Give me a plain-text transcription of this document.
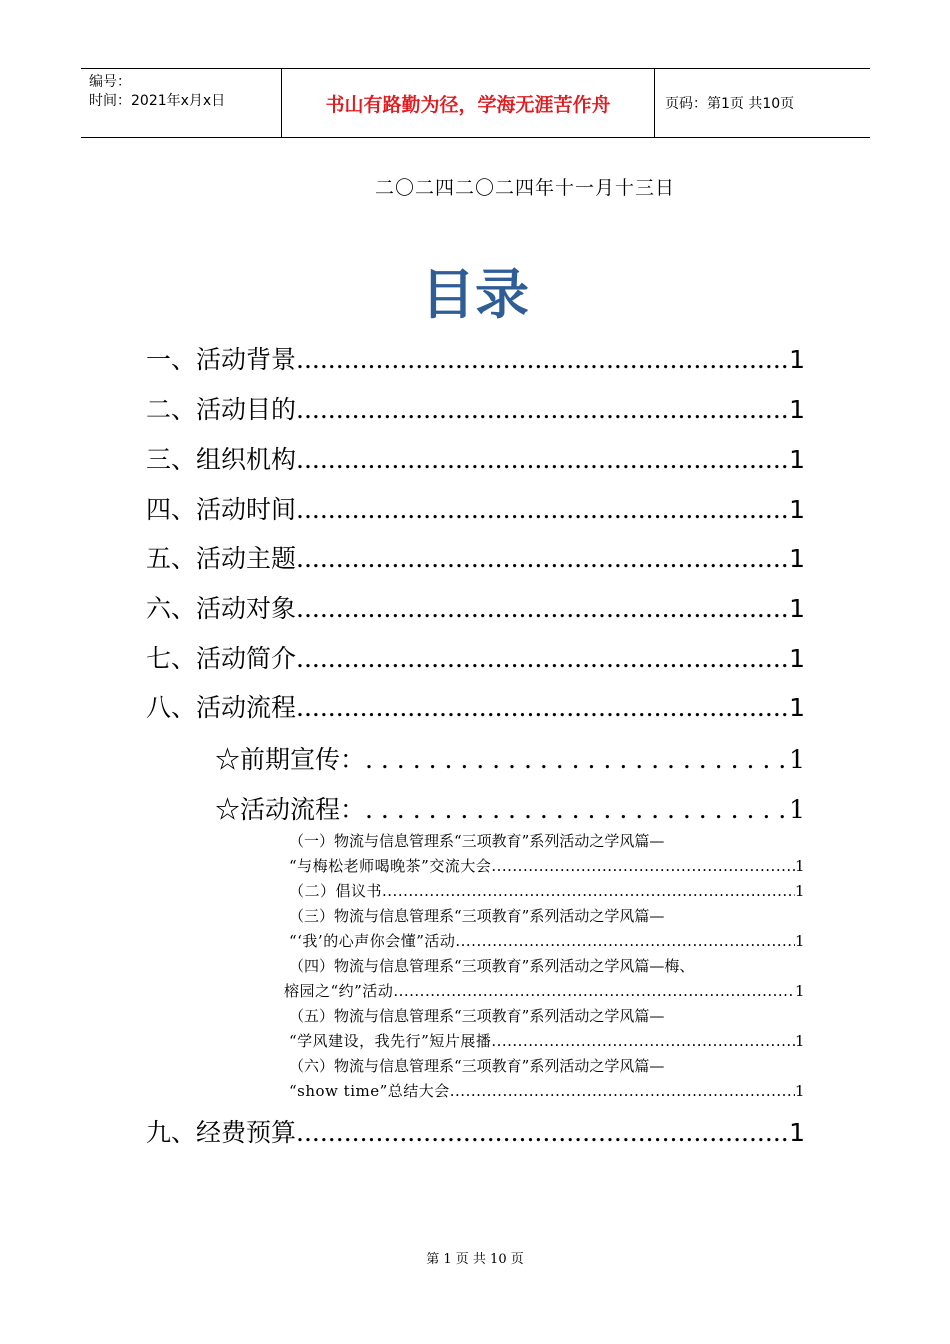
编号：
时间：2021年x月x日	书山有路勤为径，学海无涯苦作舟	页码：第1页 共10页
二〇二四二〇二四年十一月十三日
目录
一、活动背景 .....	1
二、活动目的 .....	1
三、组织机构 .....	1
四、活动时间 .....	1
五、活动主题 .....	1
六、活动对象 .....	1
七、活动简介 .....	1
八、活动流程 .....	1
☆前期宣传： . . .	1
☆活动流程： . . .	1
（一）物流与信息管理系“三项教育”系列活动之学风篇—
“与梅松老师喝晚茶”交流大会 .....	1
（二）倡议书 .....	1
（三）物流与信息管理系“三项教育”系列活动之学风篇—
“‘我’的心声你会懂”活动 .....	1
（四）物流与信息管理系“三项教育”系列活动之学风篇—梅、
榕园之“约”活动 .....	1
（五）物流与信息管理系“三项教育”系列活动之学风篇—
“学风建设，我先行”短片展播 .....	1
（六）物流与信息管理系“三项教育”系列活动之学风篇—
“show time”总结大会 .....	1
九、经费预算 .....	1
第 1 页 共 10 页
